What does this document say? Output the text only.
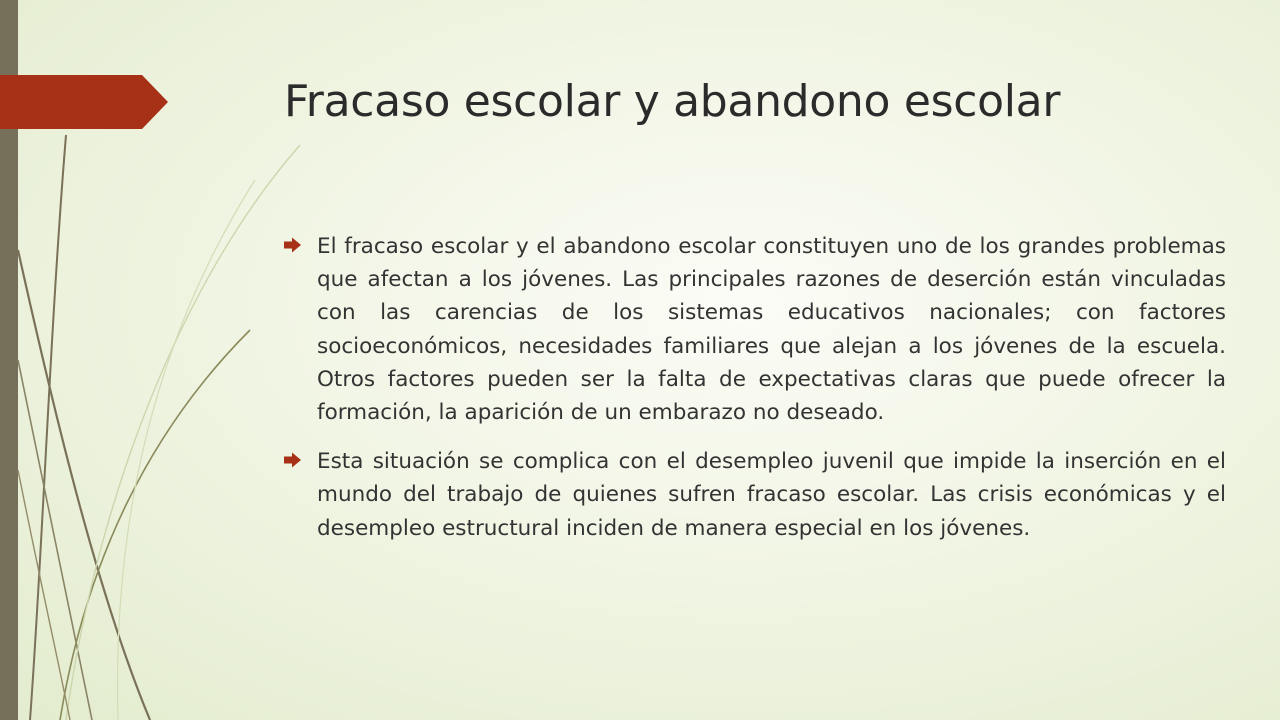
Fracaso escolar y abandono escolar
El fracaso escolar y el abandono escolar constituyen uno de los grandes problemas que afectan a los jóvenes. Las principales razones de deserción están vinculadas con las carencias de los sistemas educativos nacionales; con factores socioeconómicos, necesidades familiares que alejan a los jóvenes de la escuela. Otros factores pueden ser la falta de expectativas claras que puede ofrecer la formación, la aparición de un embarazo no deseado.
Esta situación se complica con el desempleo juvenil que impide la inserción en el mundo del trabajo de quienes sufren fracaso escolar. Las crisis económicas y el desempleo estructural inciden de manera especial en los jóvenes.
